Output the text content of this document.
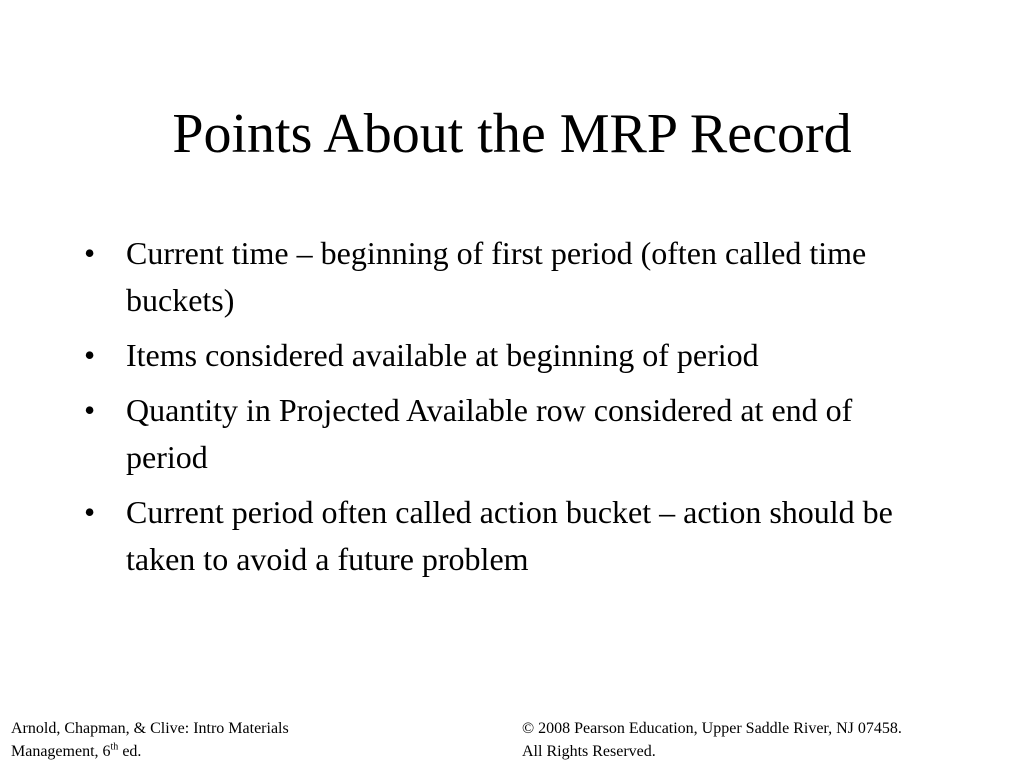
Points About the MRP Record
• Current time – beginning of first period (often called time buckets)
• Items considered available at beginning of period
• Quantity in Projected Available row considered at end of period
• Current period often called action bucket – action should be taken to avoid a future problem
Arnold, Chapman, & Clive: Intro Materials
Management, 6th ed.
© 2008 Pearson Education, Upper Saddle River, NJ 07458.
All Rights Reserved.
